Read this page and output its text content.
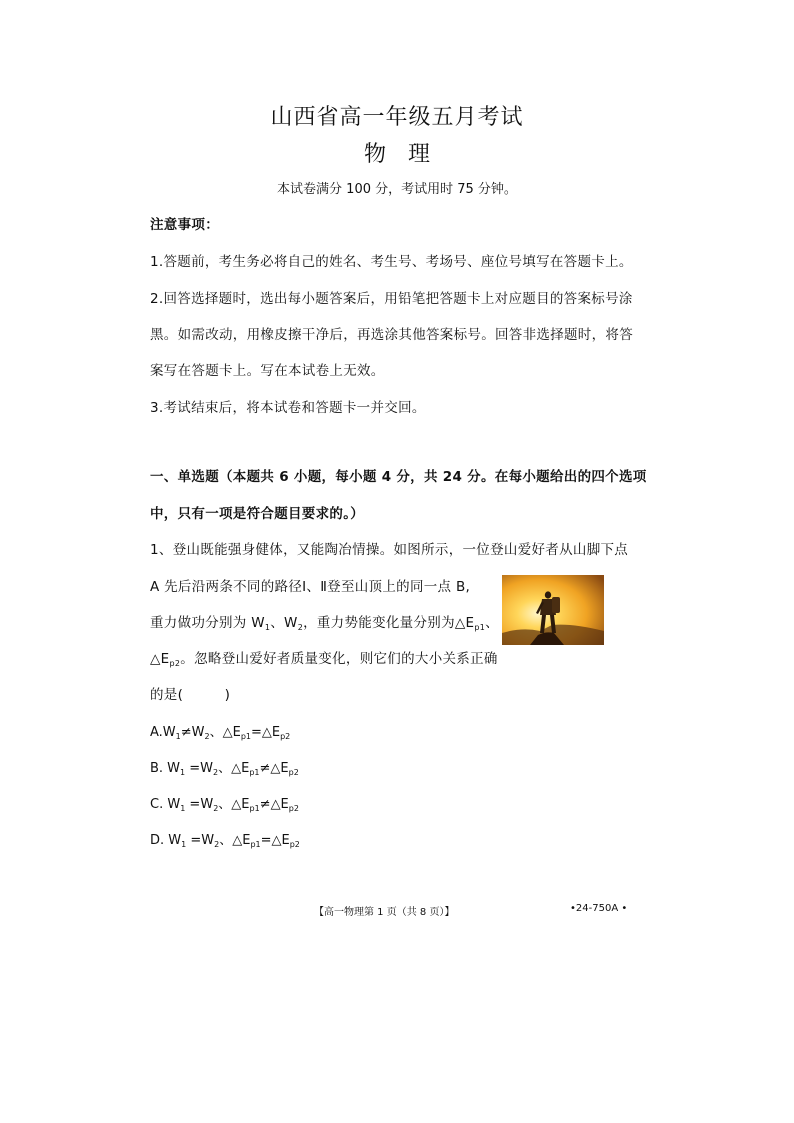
山西省高一年级五月考试
物　理
本试卷满分 100 分，考试用时 75 分钟。
注意事项：
1.答题前，考生务必将自己的姓名、考生号、考场号、座位号填写在答题卡上。
2.回答选择题时，选出每小题答案后，用铅笔把答题卡上对应题目的答案标号涂
黑。如需改动，用橡皮擦干净后，再选涂其他答案标号。回答非选择题时，将答
案写在答题卡上。写在本试卷上无效。
3.考试结束后，将本试卷和答题卡一并交回。
一、单选题（本题共 6 小题，每小题 4 分，共 24 分。在每小题给出的四个选项
中，只有一项是符合题目要求的。）
1、登山既能强身健体，又能陶冶情操。如图所示，一位登山爱好者从山脚下点
A 先后沿两条不同的路径Ⅰ、Ⅱ登至山顶上的同一点 B,
重力做功分别为 $W_1$、$W_2$，重力势能变化量分别为$\triangle E_{p1}$、
$\triangle E_{p2}$。忽略登山爱好者质量变化，则它们的大小关系正确
的是(　　　)
$A.W_1\ne W_2$、$\triangle E_{p1}=\triangle E_{p2}$
B. $W_1 =W_2$、$\triangle E_{p1}\ne\triangle E_{p2}$
C. $W_1 =W_2$、$\triangle E_{p1}\ne\triangle E_{p2}$
D. $W_1 =W_2$、$\triangle E_{p1}=\triangle E_{p2}$
【高一物理第 1 页（共 8 页）】	•24-750A •
